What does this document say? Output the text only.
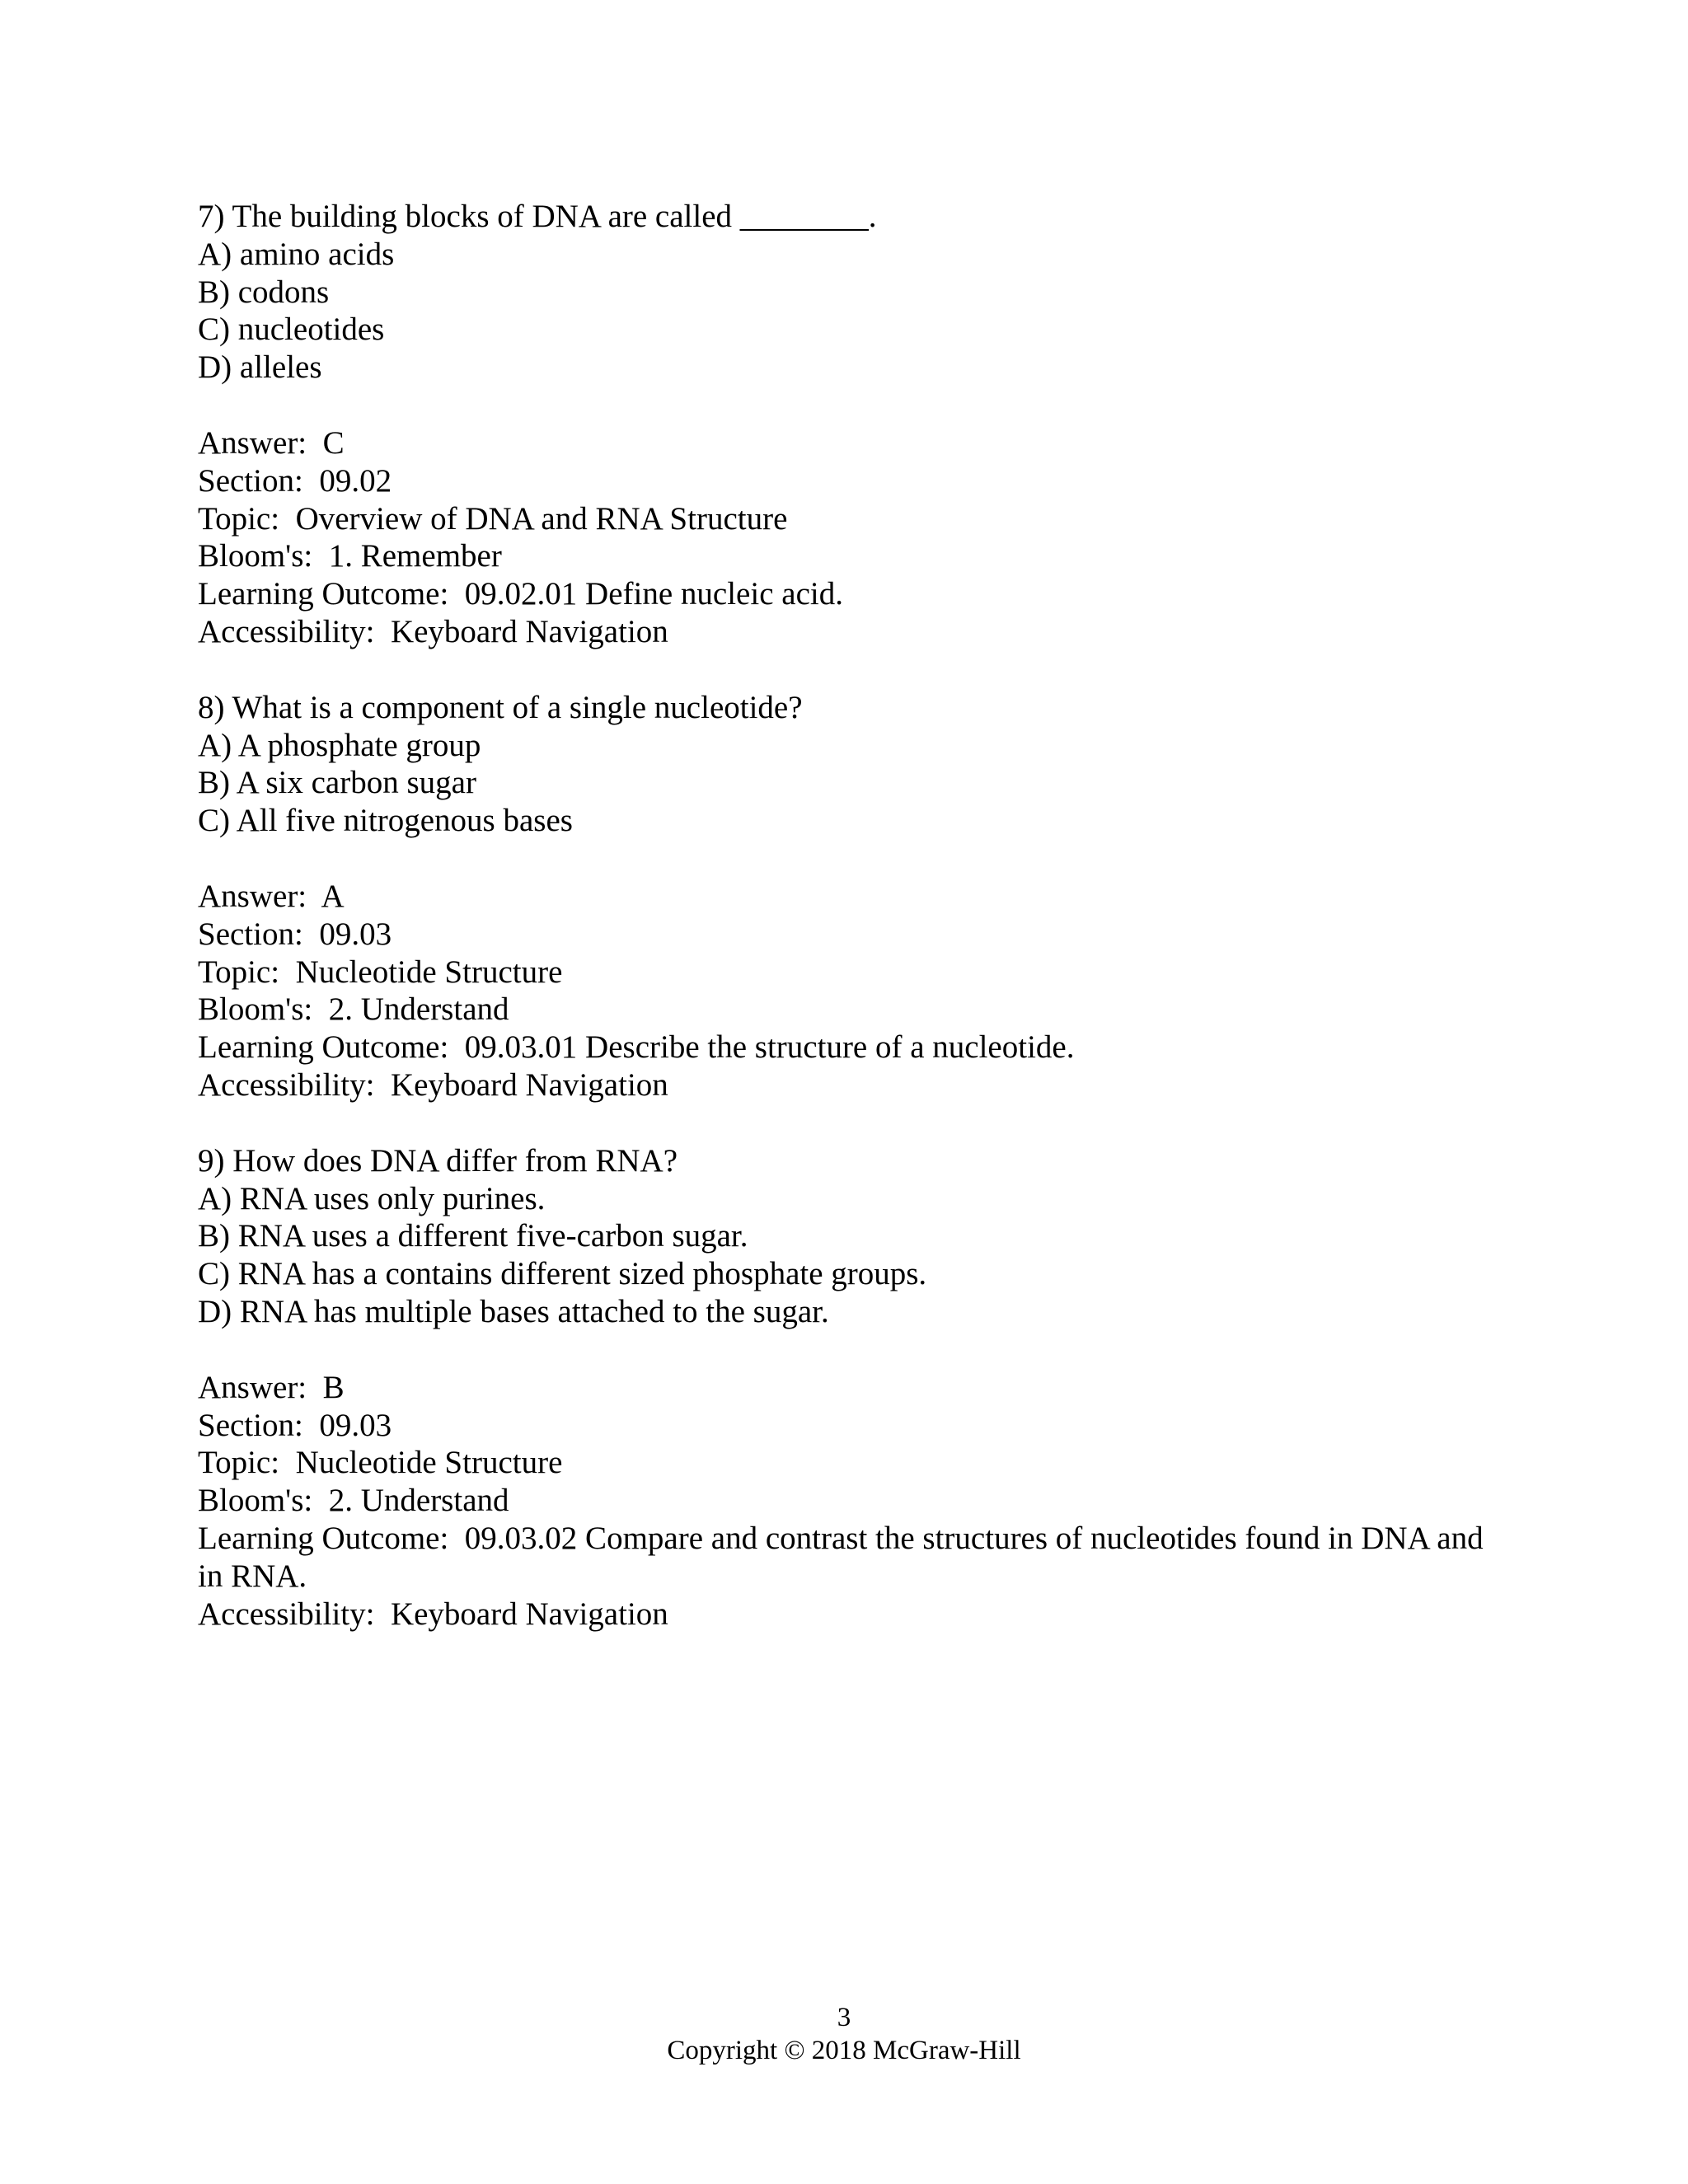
7) The building blocks of DNA are called ________.
A) amino acids
B) codons
C) nucleotides
D) alleles
Answer:  C
Section:  09.02
Topic:  Overview of DNA and RNA Structure
Bloom's:  1. Remember
Learning Outcome:  09.02.01 Define nucleic acid.
Accessibility:  Keyboard Navigation
8) What is a component of a single nucleotide?
A) A phosphate group
B) A six carbon sugar
C) All five nitrogenous bases
Answer:  A
Section:  09.03
Topic:  Nucleotide Structure
Bloom's:  2. Understand
Learning Outcome:  09.03.01 Describe the structure of a nucleotide.
Accessibility:  Keyboard Navigation
9) How does DNA differ from RNA?
A) RNA uses only purines.
B) RNA uses a different five-carbon sugar.
C) RNA has a contains different sized phosphate groups.
D) RNA has multiple bases attached to the sugar.
Answer:  B
Section:  09.03
Topic:  Nucleotide Structure
Bloom's:  2. Understand
Learning Outcome:  09.03.02 Compare and contrast the structures of nucleotides found in DNA and in RNA.
Accessibility:  Keyboard Navigation
3
Copyright © 2018 McGraw-Hill
